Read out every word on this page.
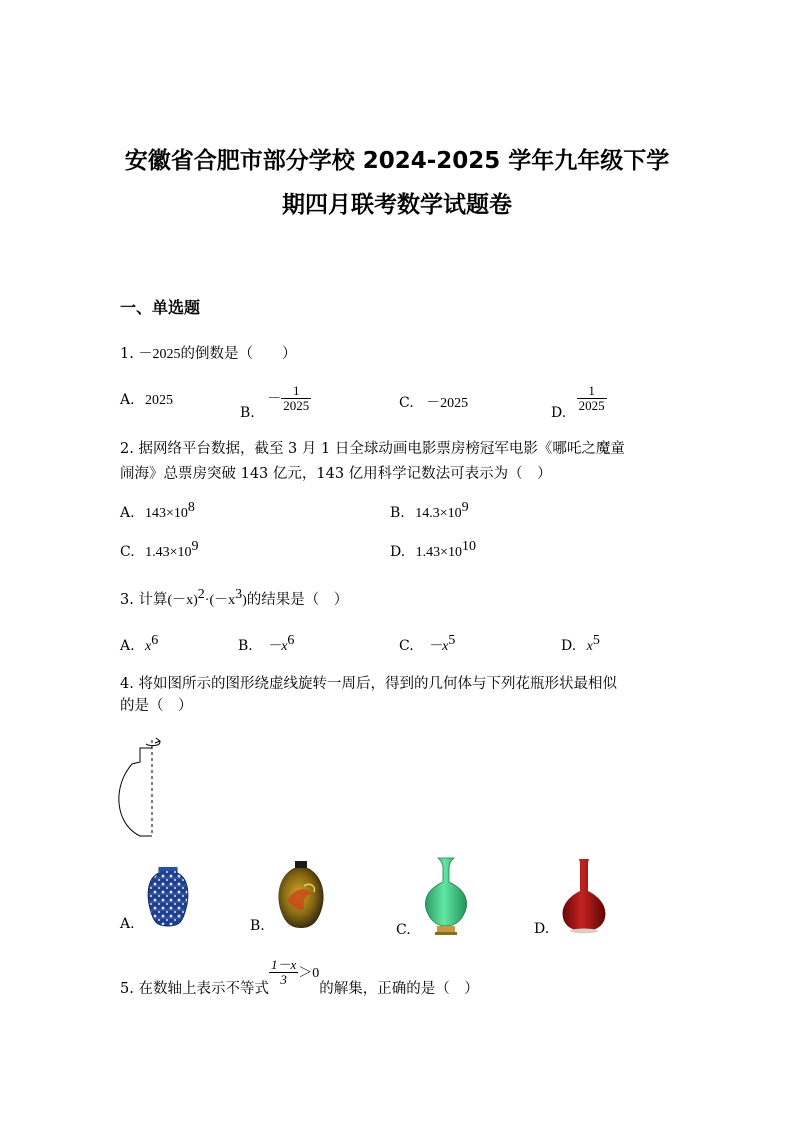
安徽省合肥市部分学校 2024-2025 学年九年级下学
期四月联考数学试题卷
一、单选题
1. －2025的倒数是（　　）
A. 2025
B. － $\frac{1}{2025}$	C. －2025
D. $\frac{1}{2025}$
2. 据网络平台数据，截至 3 月 1 日全球动画电影票房榜冠军电影《哪吒之魔童
闹海》总票房突破 143 亿元，143 亿用科学记数法可表示为（　）
A. $143\times 10^8$	B. $14.3\times 10^9$
C. $1.43\times 10^9$	D. $1.43\times 10^{10}$
3. 计算$(-x)^2\cdot(-x^3)$的结果是（　）
A. $x^6$	B. $-x^6$	C. $-x^5$	D. $x^5$
4. 将如图所示的图形绕虚线旋转一周后，得到的几何体与下列花瓶形状最相似
的是（　）
A.	B.	C.	D.
5. 在数轴上表示不等式
$\frac{1-x}{3} >0$的解集，正确的是（　）
